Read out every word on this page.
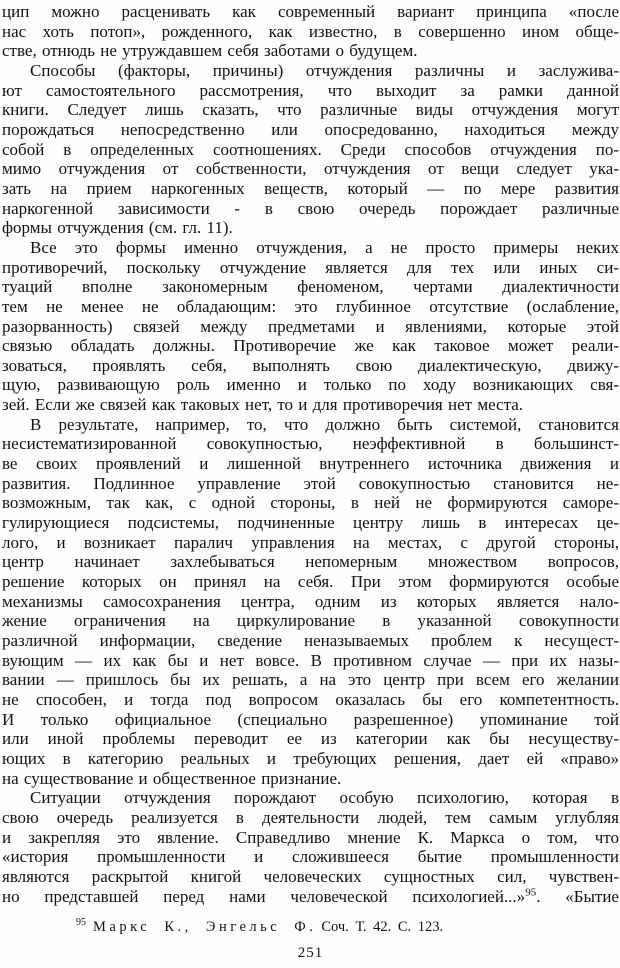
цип можно расценивать как современный вариант принципа «после
нас хоть потоп», рожденного, как известно, в совершенно ином обще-
стве, отнюдь не утруждавшем себя заботами о будущем.
Способы (факторы, причины) отчуждения различны и заслужива-
ют самостоятельного рассмотрения, что выходит за рамки данной
книги. Следует лишь сказать, что различные виды отчуждения могут
порождаться непосредственно или опосредованно, находиться между
собой в определенных соотношениях. Среди способов отчуждения по-
мимо отчуждения от собственности, отчуждения от вещи следует ука-
зать на прием наркогенных веществ, который — по мере развития
наркогенной зависимости - в свою очередь порождает различные
формы отчуждения (см. гл. 11).
Все это формы именно отчуждения, а не просто примеры неких
противоречий, поскольку отчуждение является для тех или иных си-
туаций вполне закономерным феноменом, чертами диалектичности
тем не менее не обладающим: это глубинное отсутствие (ослабление,
разорванность) связей между предметами и явлениями, которые этой
связью обладать должны. Противоречие же как таковое может реали-
зоваться, проявлять себя, выполнять свою диалектическую, движу-
щую, развивающую роль именно и только по ходу возникающих свя-
зей. Если же связей как таковых нет, то и для противоречия нет места.
В результате, например, то, что должно быть системой, становится
несистематизированной совокупностью, неэффективной в большинст-
ве своих проявлений и лишенной внутреннего источника движения и
развития. Подлинное управление этой совокупностью становится не-
возможным, так как, с одной стороны, в ней не формируются саморе-
гулирующиеся подсистемы, подчиненные центру лишь в интересах це-
лого, и возникает паралич управления на местах, с другой стороны,
центр начинает захлебываться непомерным множеством вопросов,
решение которых он принял на себя. При этом формируются особые
механизмы самосохранения центра, одним из которых является нало-
жение ограничения на циркулирование в указанной совокупности
различной информации, сведение неназываемых проблем к несущест-
вующим — их как бы и нет вовсе. В противном случае — при их назы-
вании — пришлось бы их решать, а на это центр при всем его желании
не способен, и тогда под вопросом оказалась бы его компетентность.
И только официальное (специально разрешенное) упоминание той
или иной проблемы переводит ее из категории как бы несуществу-
ющих в категорию реальных и требующих решения, дает ей «право»
на существование и общественное признание.
Ситуации отчуждения порождают особую психологию, которая в
свою очередь реализуется в деятельности людей, тем самым углубляя
и закрепляя это явление. Справедливо мнение К. Маркса о том, что
«история промышленности и сложившееся бытие промышленности
являются раскрытой книгой человеческих сущностных сил, чувствен-
но представшей перед нами человеческой психологией...»$^{95}$. «Бытие
$^{95}$ Маркс К., Энгельс Ф. Соч. Т. 42. С. 123.
251
